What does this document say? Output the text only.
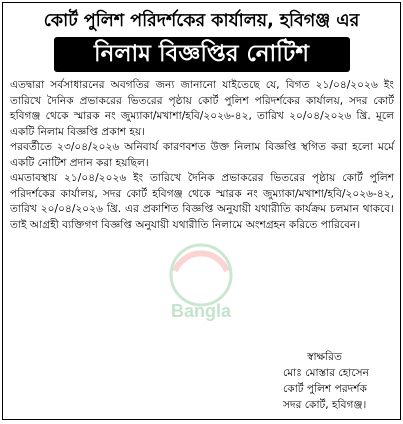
কোর্ট পুলিশ পরিদর্শকের কার্যালয়, হবিগঞ্জ এর
নিলাম বিজ্ঞপ্তির নোটিশ

এতদ্বারা সর্বসাধারনের অবগতির জন্য জানানো যাইতেছে যে, বিগত ২১/০৪/২০২৬ ইং তারিখে দৈনিক প্রভাকরের ভিতরের পৃষ্ঠায় কোর্ট পুলিশ পরিদর্শকের কার্যালয়, সদর কোর্ট হবিগঞ্জ থেকে স্মারক নং জুম্যাকা/মখাশা/হবি/২০২৬-৪২, তারিখ ২০/০৪/২০২৬ খ্রি. মূলে একটি নিলাম বিজ্ঞপ্তি প্রকাশ হয়।

পরবর্তীতে ২৩/০৪/২০২৬ অনিবার্য কারণবশত উক্ত নিলাম বিজ্ঞপ্তি স্থগিত করা হলো মর্মে একটি নোটিশ প্রদান করা হয়ছিল।

এমতাবস্থায় ২১/০৪/২০২৬ ইং তারিখে দৈনিক প্রভাকরের ভিতরের পৃষ্ঠায় কোর্ট পুলিশ পরিদর্শকের কার্যালয়, সদর কোর্ট হবিগঞ্জ থেকে স্মারক নং জুম্যাকা/মখাশা/হবি/২০২৬-৪২, তারিখ ২০/০৪/২০২৬ খ্রি. এর প্রকাশিত বিজ্ঞপ্তি অনুযায়ী যথারীতি কার্যক্রম চলমান থাকবে। তাই আগ্রহী ব্যক্তিগণ বিজ্ঞপ্তি অনুযায়ী যথারীতি নিলামে অংশগ্রহন করিতে পারিবেন।

Bangla
স্বাক্ষরিত
মোঃ মোস্তার হোসেন
কোর্ট পুলিশ পরদর্শক
সদর কোর্ট, হবিগঞ্জ।
